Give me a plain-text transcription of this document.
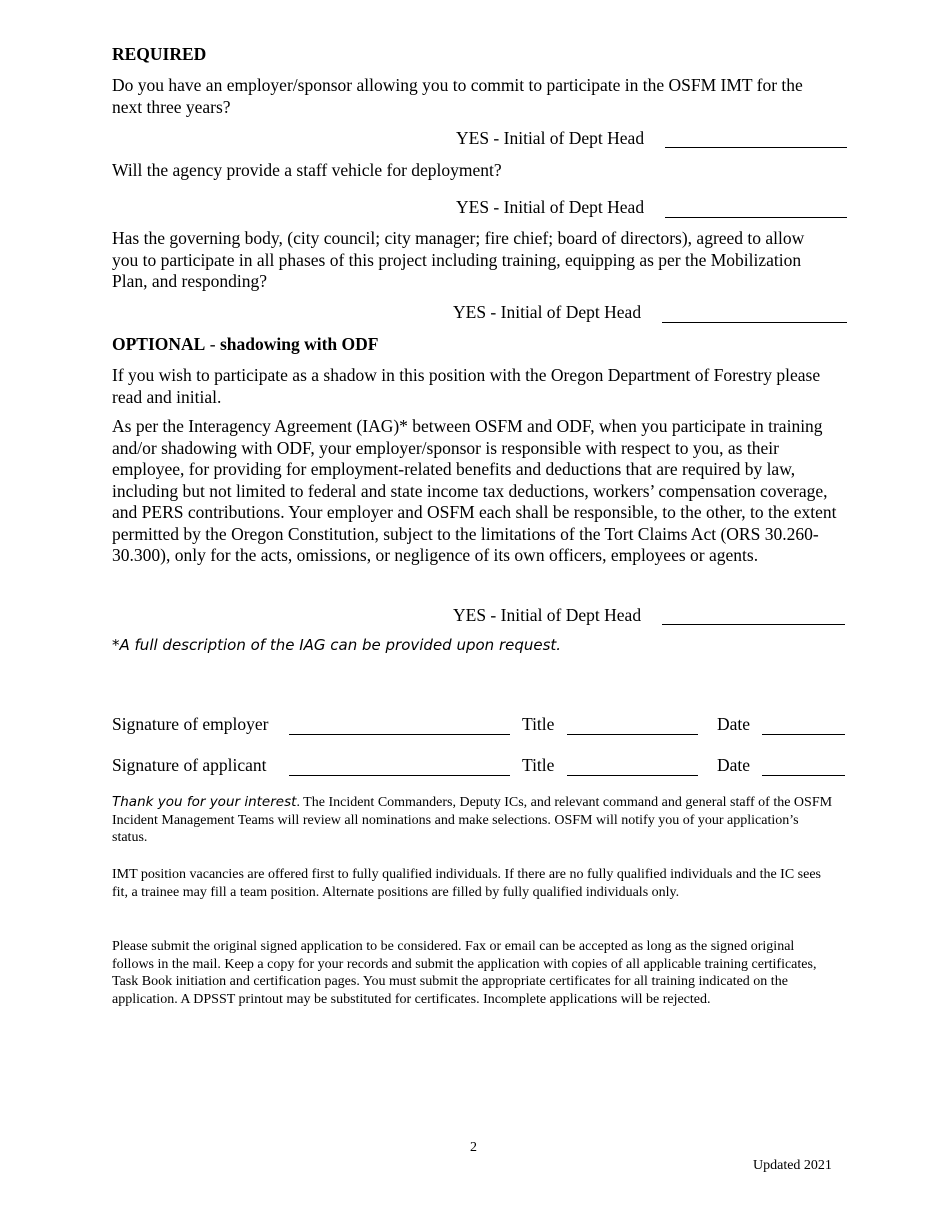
REQUIRED
Do you have an employer/sponsor allowing you to commit to participate in the OSFM IMT for the next three years?
YES - Initial of Dept Head
Will the agency provide a staff vehicle for deployment?
YES - Initial of Dept Head
Has the governing body, (city council; city manager; fire chief; board of directors), agreed to allow you to participate in all phases of this project including training, equipping as per the Mobilization Plan, and responding?
YES - Initial of Dept Head
OPTIONAL - shadowing with ODF
If you wish to participate as a shadow in this position with the Oregon Department of Forestry please read and initial.
As per the Interagency Agreement (IAG)* between OSFM and ODF, when you participate in training and/or shadowing with ODF, your employer/sponsor is responsible with respect to you, as their employee, for providing for employment-related benefits and deductions that are required by law, including but not limited to federal and state income tax deductions, workers’ compensation coverage, and PERS contributions. Your employer and OSFM each shall be responsible, to the other, to the extent permitted by the Oregon Constitution, subject to the limitations of the Tort Claims Act (ORS 30.260-30.300), only for the acts, omissions, or negligence of its own officers, employees or agents.
YES - Initial of Dept Head
*A full description of the IAG can be provided upon request.
Signature of employer	Title	Date
Signature of applicant	Title	Date
Thank you for your interest. The Incident Commanders, Deputy ICs, and relevant command and general staff of the OSFM Incident Management Teams will review all nominations and make selections. OSFM will notify you of your application’s status.
IMT position vacancies are offered first to fully qualified individuals. If there are no fully qualified individuals and the IC sees fit, a trainee may fill a team position. Alternate positions are filled by fully qualified individuals only.
Please submit the original signed application to be considered. Fax or email can be accepted as long as the signed original follows in the mail. Keep a copy for your records and submit the application with copies of all applicable training certificates, Task Book initiation and certification pages. You must submit the appropriate certificates for all training indicated on the application. A DPSST printout may be substituted for certificates. Incomplete applications will be rejected.
2
Updated 2021
